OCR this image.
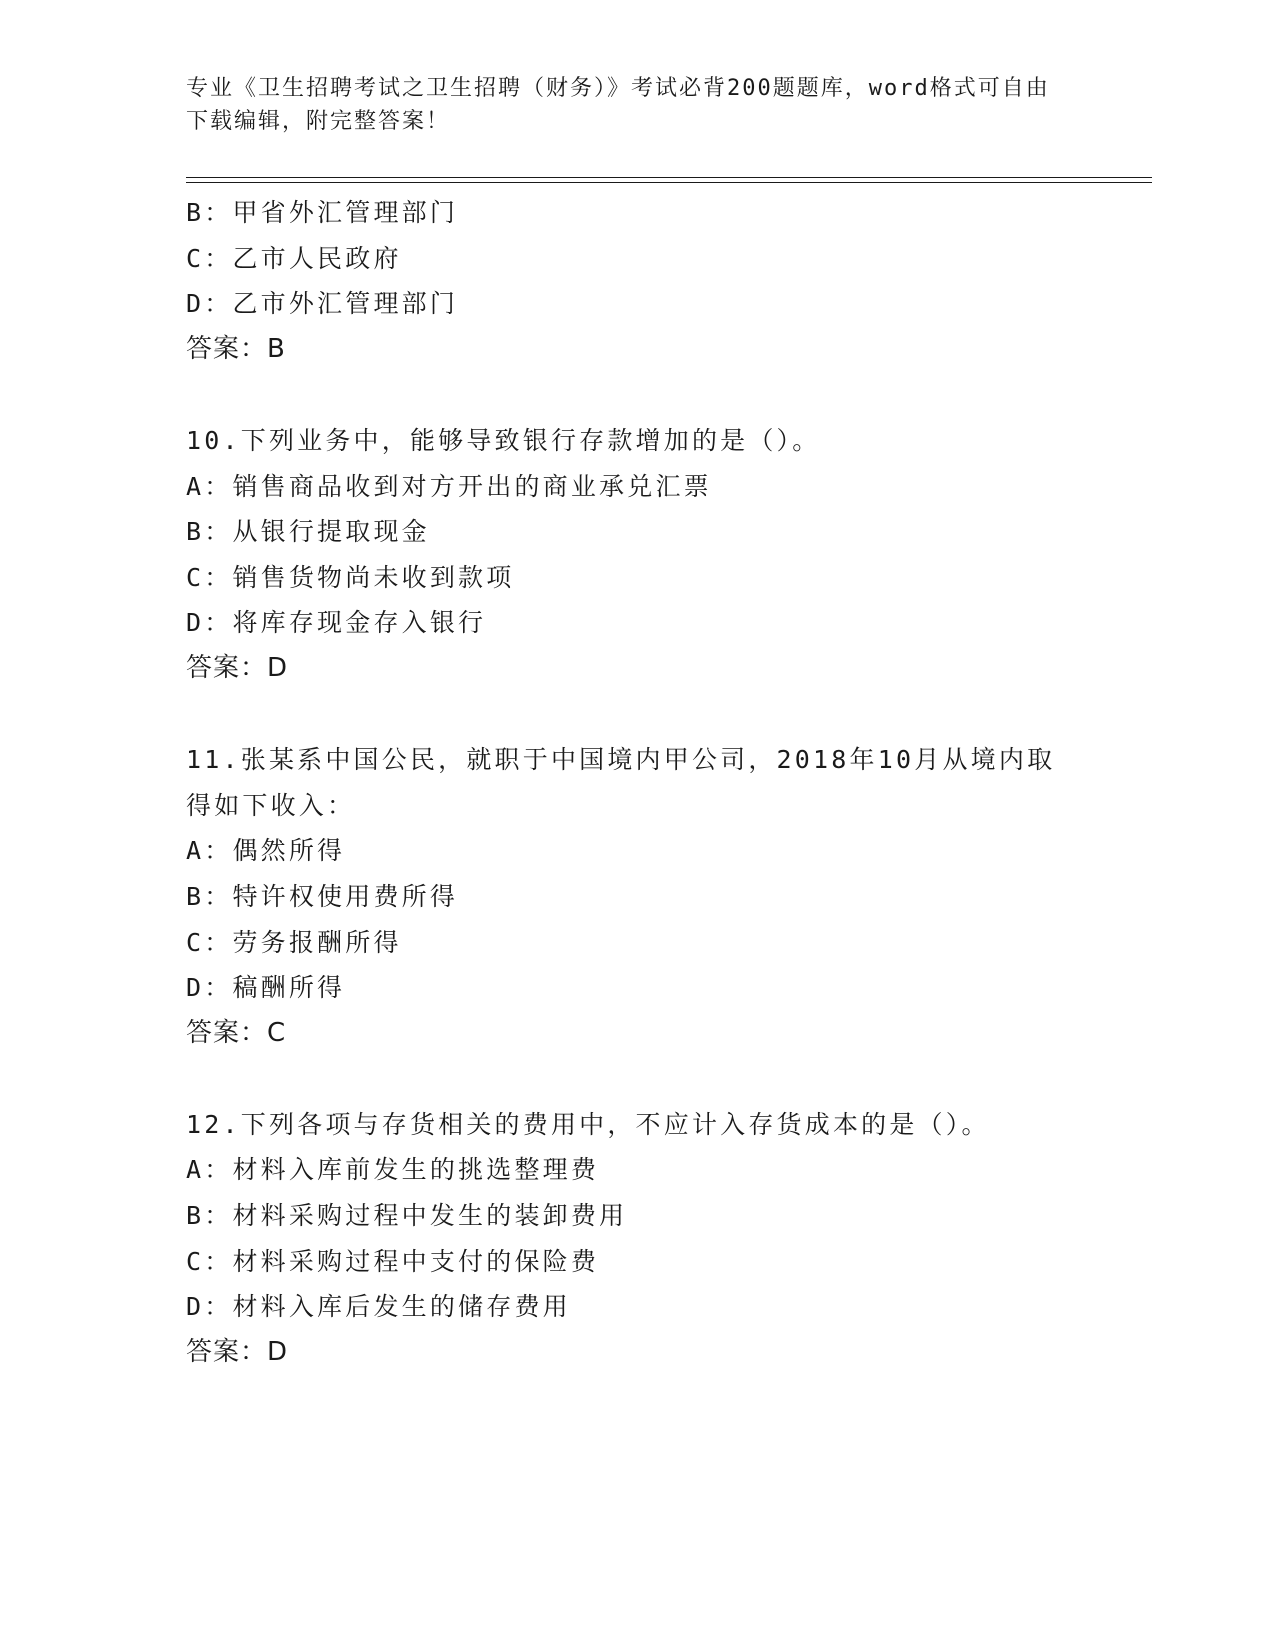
专业《卫生招聘考试之卫生招聘（财务）》考试必背200题题库，word格式可自由下载编辑，附完整答案！
B：甲省外汇管理部门
C：乙市人民政府
D：乙市外汇管理部门
答案：B
10.下列业务中，能够导致银行存款增加的是（）。
A：销售商品收到对方开出的商业承兑汇票
B：从银行提取现金
C：销售货物尚未收到款项
D：将库存现金存入银行
答案：D
11.张某系中国公民，就职于中国境内甲公司，2018年10月从境内取得如下收入：
A：偶然所得
B：特许权使用费所得
C：劳务报酬所得
D：稿酬所得
答案：C
12.下列各项与存货相关的费用中，不应计入存货成本的是（）。
A：材料入库前发生的挑选整理费
B：材料采购过程中发生的装卸费用
C：材料采购过程中支付的保险费
D：材料入库后发生的储存费用
答案：D
